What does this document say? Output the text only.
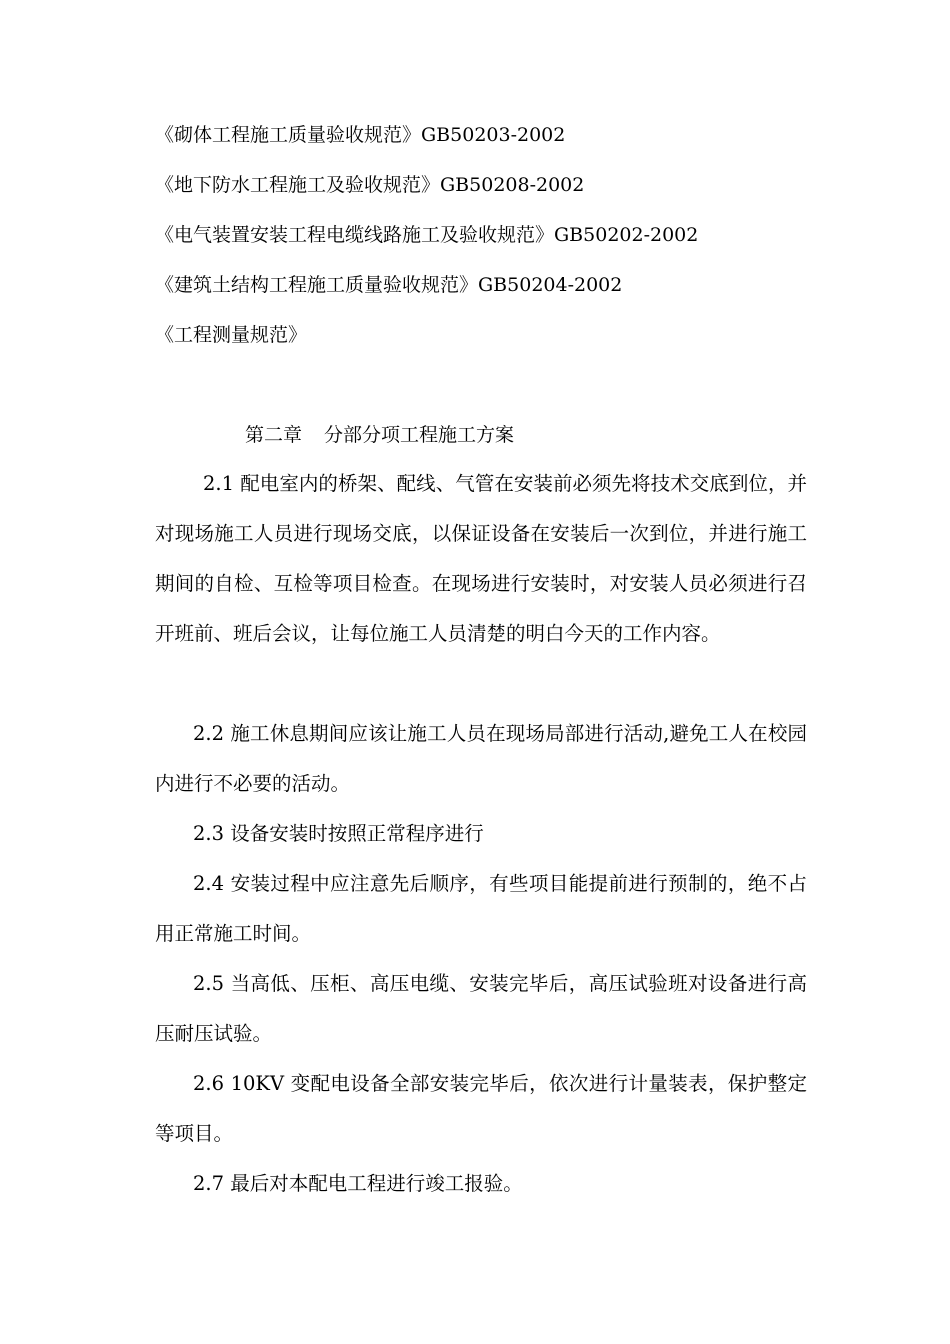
《砌体工程施工质量验收规范》GB50203-2002
《地下防水工程施工及验收规范》GB50208-2002
《电气装置安装工程电缆线路施工及验收规范》GB50202-2002
《建筑土结构工程施工质量验收规范》GB50204-2002
《工程测量规范》
第二章 分部分项工程施工方案
2.1 配电室内的桥架、配线、气管在安装前必须先将技术交底到位，并对现场施工人员进行现场交底，以保证设备在安装后一次到位，并进行施工期间的自检、互检等项目检查。在现场进行安装时，对安装人员必须进行召开班前、班后会议，让每位施工人员清楚的明白今天的工作内容。
2.2 施工休息期间应该让施工人员在现场局部进行活动,避免工人在校园内进行不必要的活动。
2.3 设备安装时按照正常程序进行
2.4 安装过程中应注意先后顺序，有些项目能提前进行预制的，绝不占用正常施工时间。
2.5 当高低、压柜、高压电缆、安装完毕后，高压试验班对设备进行高压耐压试验。
2.6 10KV 变配电设备全部安装完毕后，依次进行计量装表，保护整定等项目。
2.7 最后对本配电工程进行竣工报验。
